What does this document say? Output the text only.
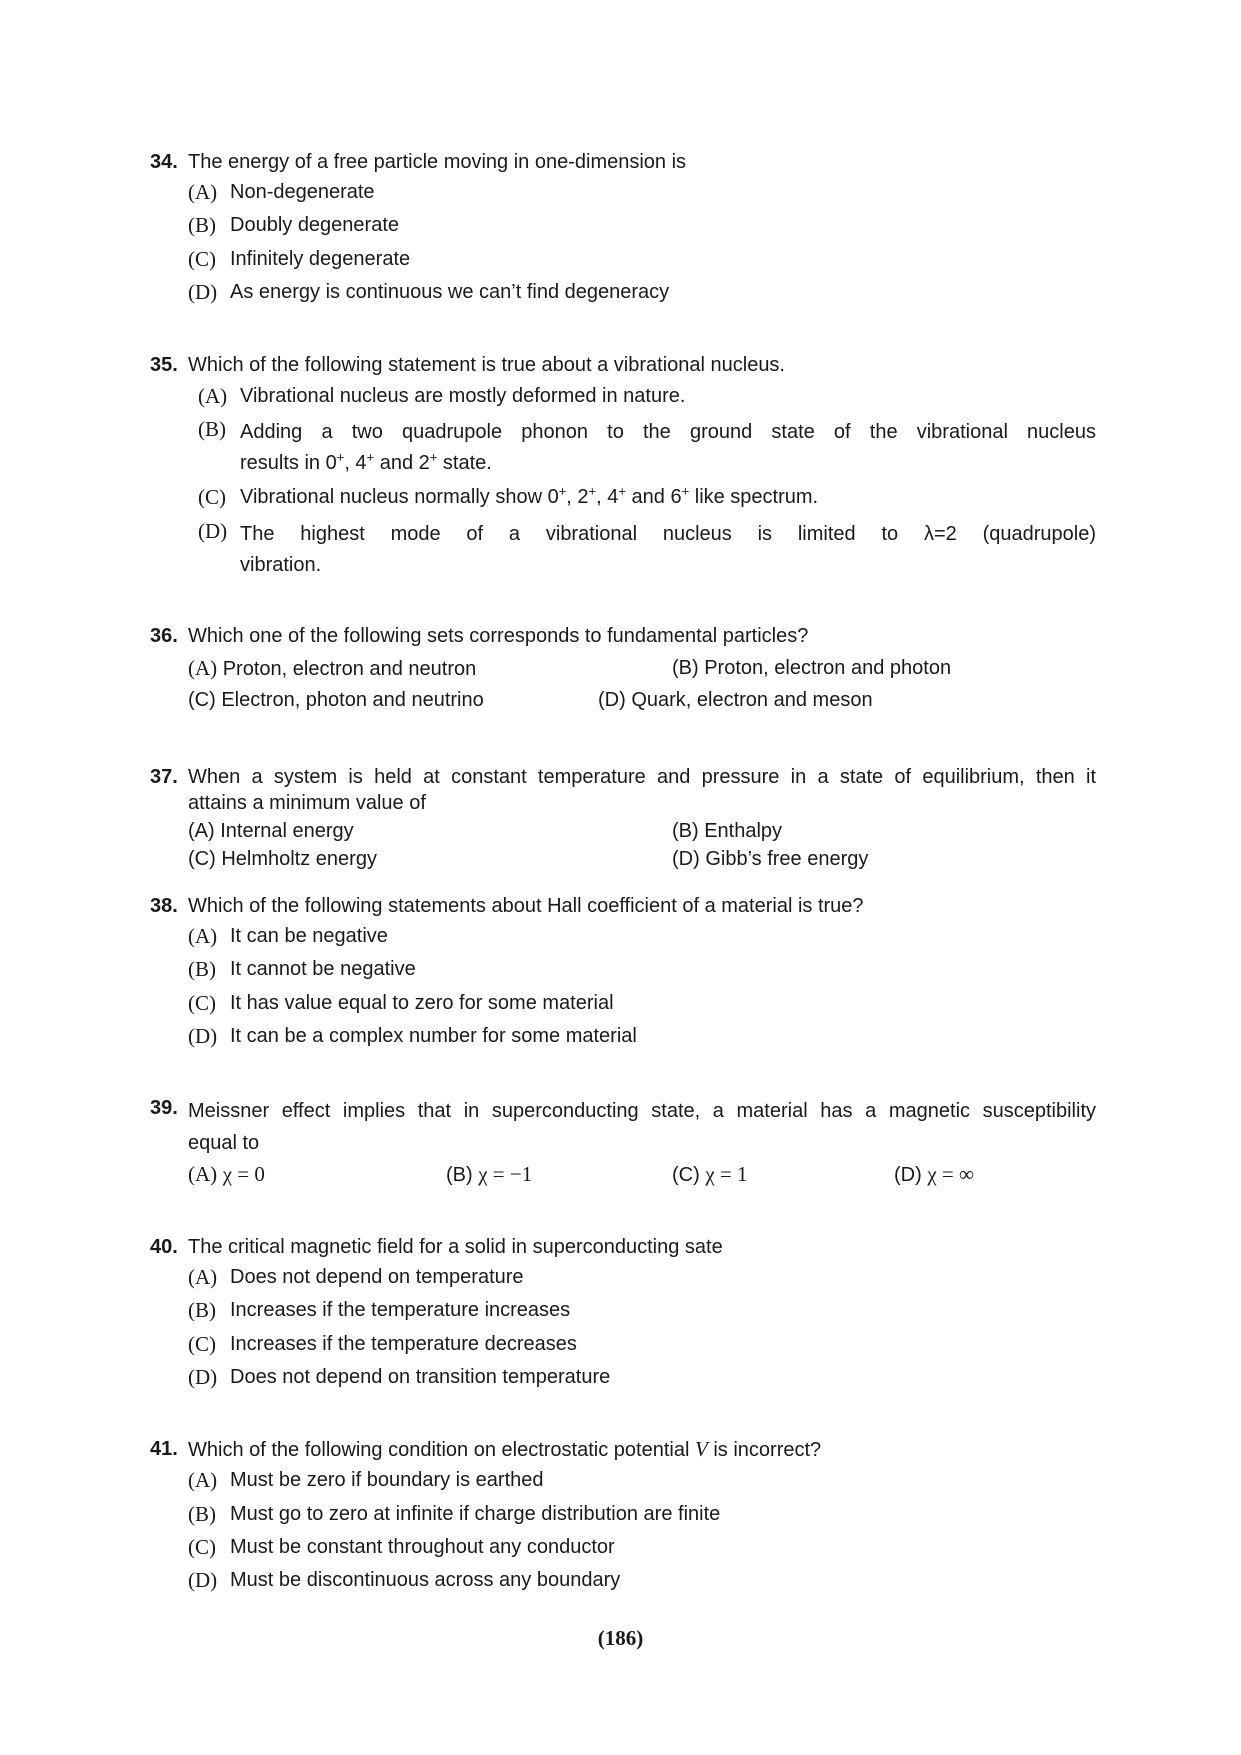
34. The energy of a free particle moving in one-dimension is
(A) Non-degenerate
(B) Doubly degenerate
(C) Infinitely degenerate
(D) As energy is continuous we can’t find degeneracy
35. Which of the following statement is true about a vibrational nucleus.
(A) Vibrational nucleus are mostly deformed in nature.
(B) Adding a two quadrupole phonon to the ground state of the vibrational nucleus
results in 0+, 4+ and 2+ state.
(C) Vibrational nucleus normally show 0+, 2+, 4+ and 6+ like spectrum.
(D) The highest mode of a vibrational nucleus is limited to λ=2 (quadrupole)
vibration.
36. Which one of the following sets corresponds to fundamental particles?
(A) Proton, electron and neutron	(B) Proton, electron and photon
(C) Electron, photon and neutrino	(D) Quark, electron and meson
37. When a system is held at constant temperature and pressure in a state of equilibrium, then it
attains a minimum value of
(A) Internal energy	(B) Enthalpy
(C) Helmholtz energy	(D) Gibb’s free energy
38. Which of the following statements about Hall coefficient of a material is true?
(A) It can be negative
(B) It cannot be negative
(C) It has value equal to zero for some material
(D) It can be a complex number for some material
39. Meissner effect implies that in superconducting state, a material has a magnetic susceptibility
equal to
(A) χ = 0	(B) χ = −1	(C) χ = 1	(D) χ = ∞
40. The critical magnetic field for a solid in superconducting sate
(A) Does not depend on temperature
(B) Increases if the temperature increases
(C) Increases if the temperature decreases
(D) Does not depend on transition temperature
41. Which of the following condition on electrostatic potential V is incorrect?
(A) Must be zero if boundary is earthed
(B) Must go to zero at infinite if charge distribution are finite
(C) Must be constant throughout any conductor
(D) Must be discontinuous across any boundary
(186)
